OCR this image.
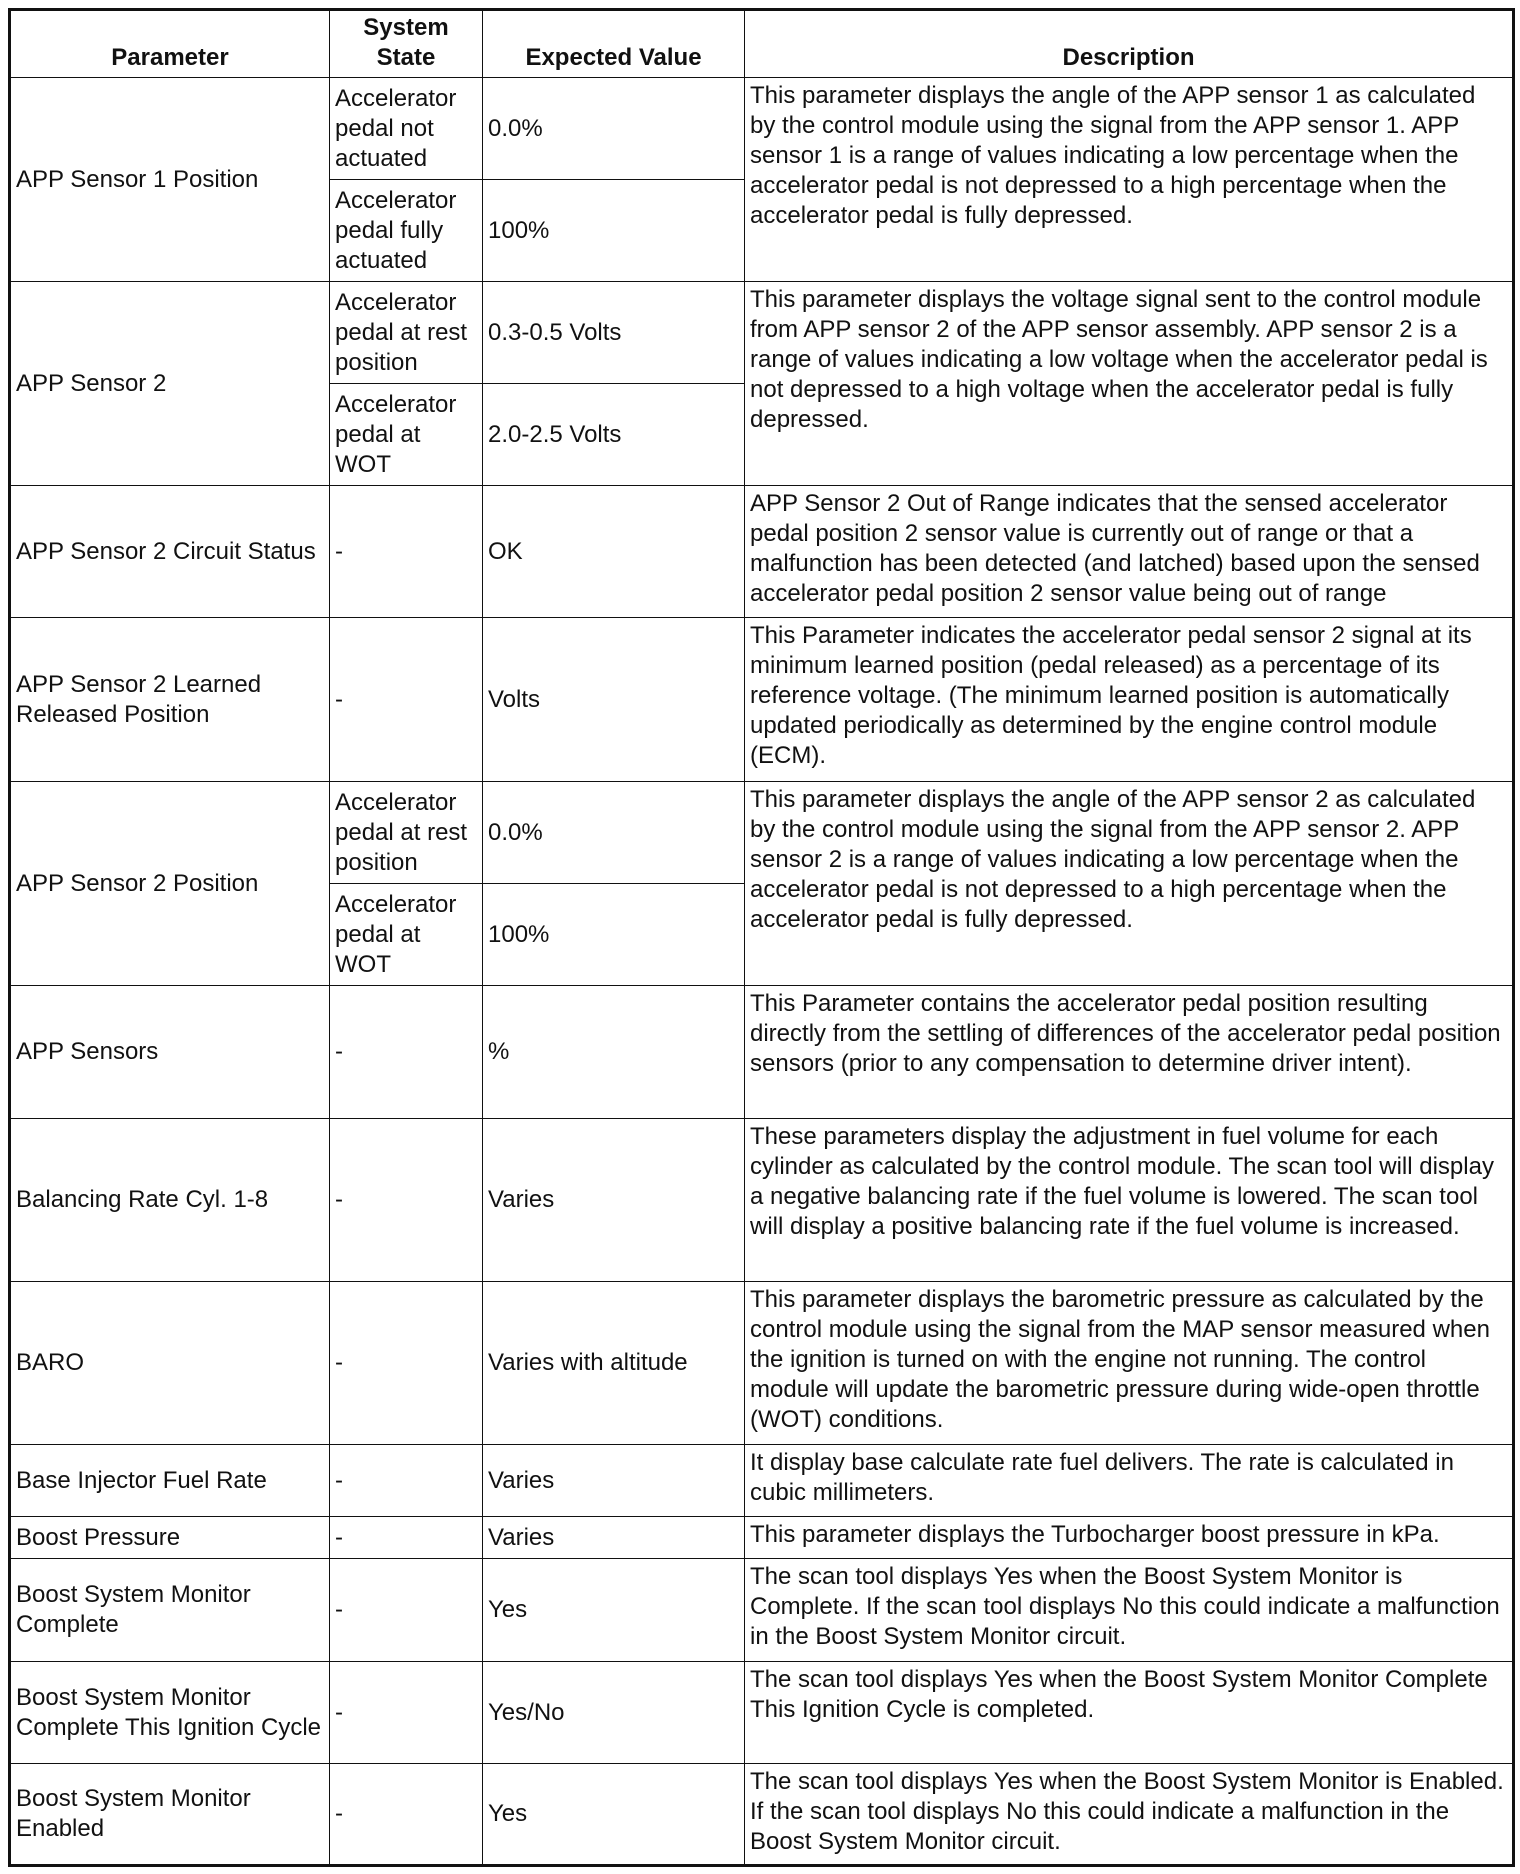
Parameter	System State	Expected Value	Description
APP Sensor 1 Position	Accelerator pedal not actuated	0.0%	This parameter displays the angle of the APP sensor 1 as calculated by the control module using the signal from the APP sensor 1. APP sensor 1 is a range of values indicating a low percentage when the accelerator pedal is not depressed to a high percentage when the accelerator pedal is fully depressed.
	Accelerator pedal fully actuated	100%	
APP Sensor 2	Accelerator pedal at rest position	0.3-0.5 Volts	This parameter displays the voltage signal sent to the control module from APP sensor 2 of the APP sensor assembly. APP sensor 2 is a range of values indicating a low voltage when the accelerator pedal is not depressed to a high voltage when the accelerator pedal is fully depressed.
	Accelerator pedal at WOT	2.0-2.5 Volts	
APP Sensor 2 Circuit Status	-	OK	APP Sensor 2 Out of Range indicates that the sensed accelerator pedal position 2 sensor value is currently out of range or that a malfunction has been detected (and latched) based upon the sensed accelerator pedal position 2 sensor value being out of range
APP Sensor 2 Learned Released Position	-	Volts	This Parameter indicates the accelerator pedal sensor 2 signal at its minimum learned position (pedal released) as a percentage of its reference voltage. (The minimum learned position is automatically updated periodically as determined by the engine control module (ECM).
APP Sensor 2 Position	Accelerator pedal at rest position	0.0%	This parameter displays the angle of the APP sensor 2 as calculated by the control module using the signal from the APP sensor 2. APP sensor 2 is a range of values indicating a low percentage when the accelerator pedal is not depressed to a high percentage when the accelerator pedal is fully depressed.
	Accelerator pedal at WOT	100%	
APP Sensors	-	%	This Parameter contains the accelerator pedal position resulting directly from the settling of differences of the accelerator pedal position sensors (prior to any compensation to determine driver intent).
Balancing Rate Cyl. 1-8	-	Varies	These parameters display the adjustment in fuel volume for each cylinder as calculated by the control module. The scan tool will display a negative balancing rate if the fuel volume is lowered. The scan tool will display a positive balancing rate if the fuel volume is increased.
BARO	-	Varies with altitude	This parameter displays the barometric pressure as calculated by the control module using the signal from the MAP sensor measured when the ignition is turned on with the engine not running. The control module will update the barometric pressure during wide-open throttle (WOT) conditions.
Base Injector Fuel Rate	-	Varies	It display base calculate rate fuel delivers. The rate is calculated in cubic millimeters.
Boost Pressure	-	Varies	This parameter displays the Turbocharger boost pressure in kPa.
Boost System Monitor Complete	-	Yes	The scan tool displays Yes when the Boost System Monitor is Complete. If the scan tool displays No this could indicate a malfunction in the Boost System Monitor circuit.
Boost System Monitor Complete This Ignition Cycle	-	Yes/No	The scan tool displays Yes when the Boost System Monitor Complete This Ignition Cycle is completed.
Boost System Monitor Enabled	-	Yes	The scan tool displays Yes when the Boost System Monitor is Enabled. If the scan tool displays No this could indicate a malfunction in the Boost System Monitor circuit.
